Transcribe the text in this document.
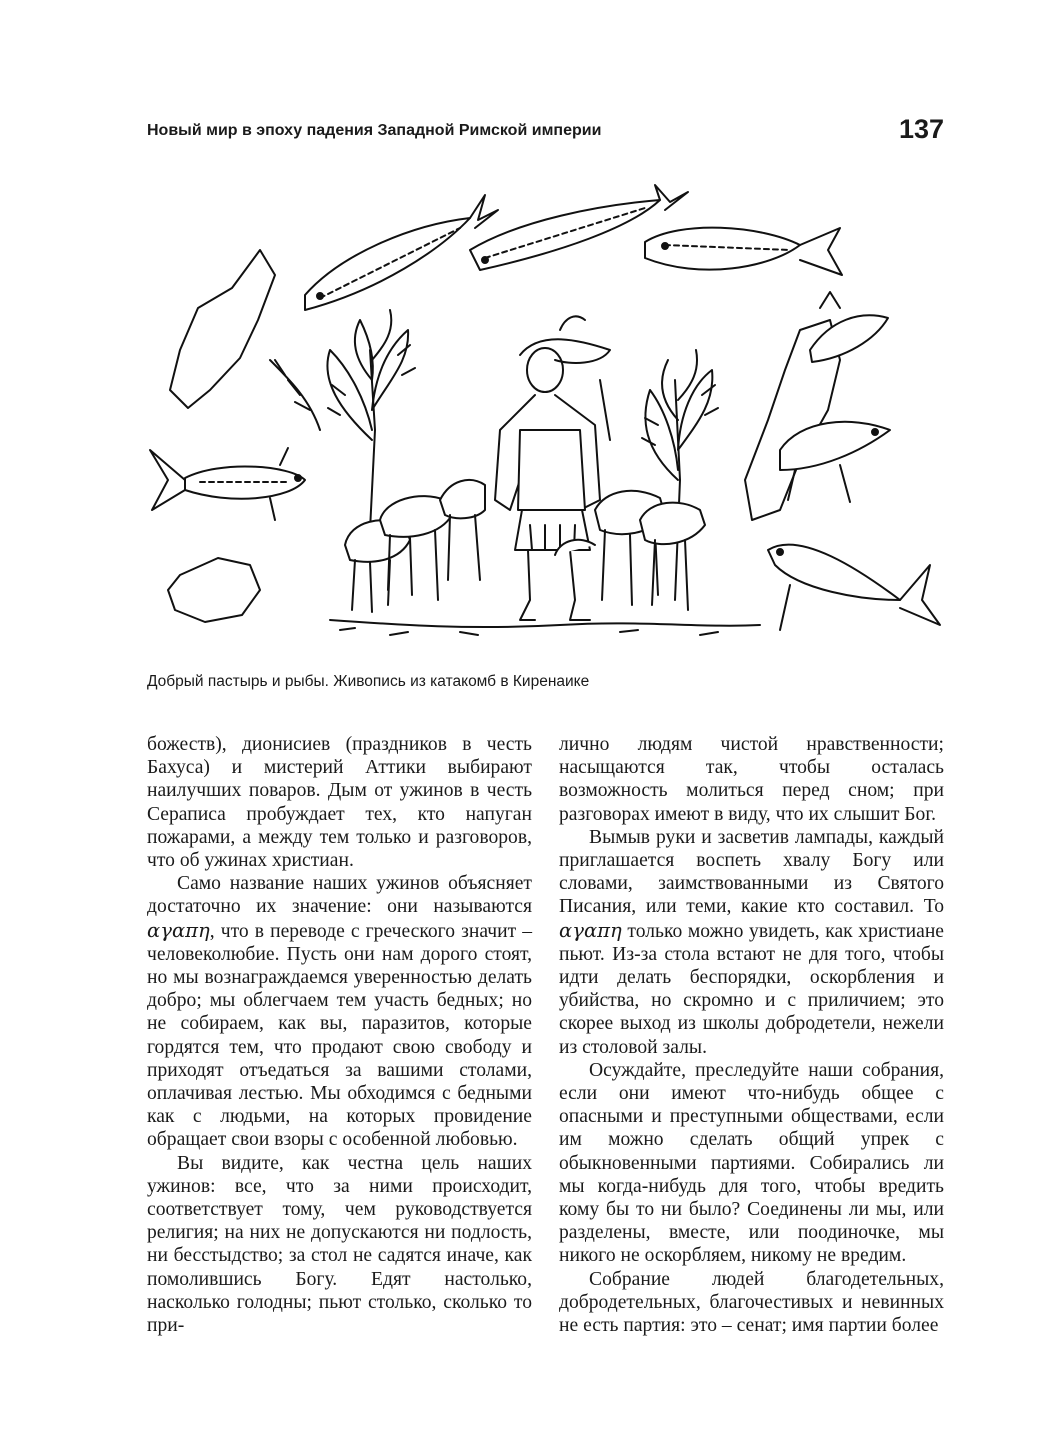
Новый мир в эпоху падения Западной Римской империи	137
Добрый пастырь и рыбы. Живопись из катакомб в Киренаике

божеств), дионисиев (праздников в честь Бахуса) и мистерий Аттики выбирают наилучших поваров. Дым от ужинов в честь Сераписа пробуждает тех, кто напуган пожарами, а между тем только и разговоров, что об ужинах христиан.

Само название наших ужинов объясняет достаточно их значение: они называются αγαπη, что в переводе с греческого значит – человеколюбие. Пусть они нам дорого стоят, но мы вознаграждаемся уверенностью делать добро; мы облегчаем тем участь бедных; но не собираем, как вы, паразитов, которые гордятся тем, что продают свою свободу и приходят отъедаться за вашими столами, оплачивая лестью. Мы обходимся с бедными как с людьми, на которых провидение обращает свои взоры с особенной любовью.

Вы видите, как честна цель наших ужинов: все, что за ними происходит, соответствует тому, чем руководствуется религия; на них не допускаются ни подлость, ни бесстыдство; за стол не садятся иначе, как помолившись Богу. Едят настолько, насколько голодны; пьют столько, сколько то при-

лично людям чистой нравственности; насыщаются так, чтобы осталась возможность молиться перед сном; при разговорах имеют в виду, что их слышит Бог.

Вымыв руки и засветив лампады, каждый приглашается воспеть хвалу Богу или словами, заимствованными из Святого Писания, или теми, какие кто составил. То αγαπη только можно увидеть, как христиане пьют. Из-за стола встают не для того, чтобы идти делать беспорядки, оскорбления и убийства, но скромно и с приличием; это скорее выход из школы добродетели, нежели из столовой залы.

Осуждайте, преследуйте наши собрания, если они имеют что-нибудь общее с опасными и преступными обществами, если им можно сделать общий упрек с обыкновенными партиями. Собирались ли мы когда-нибудь для того, чтобы вредить кому бы то ни было? Соединены ли мы, или разделены, вместе, или поодиночке, мы никого не оскорбляем, никому не вредим.

Собрание людей благодетельных, добродетельных, благочестивых и невинных не есть партия: это – сенат; имя партии более
